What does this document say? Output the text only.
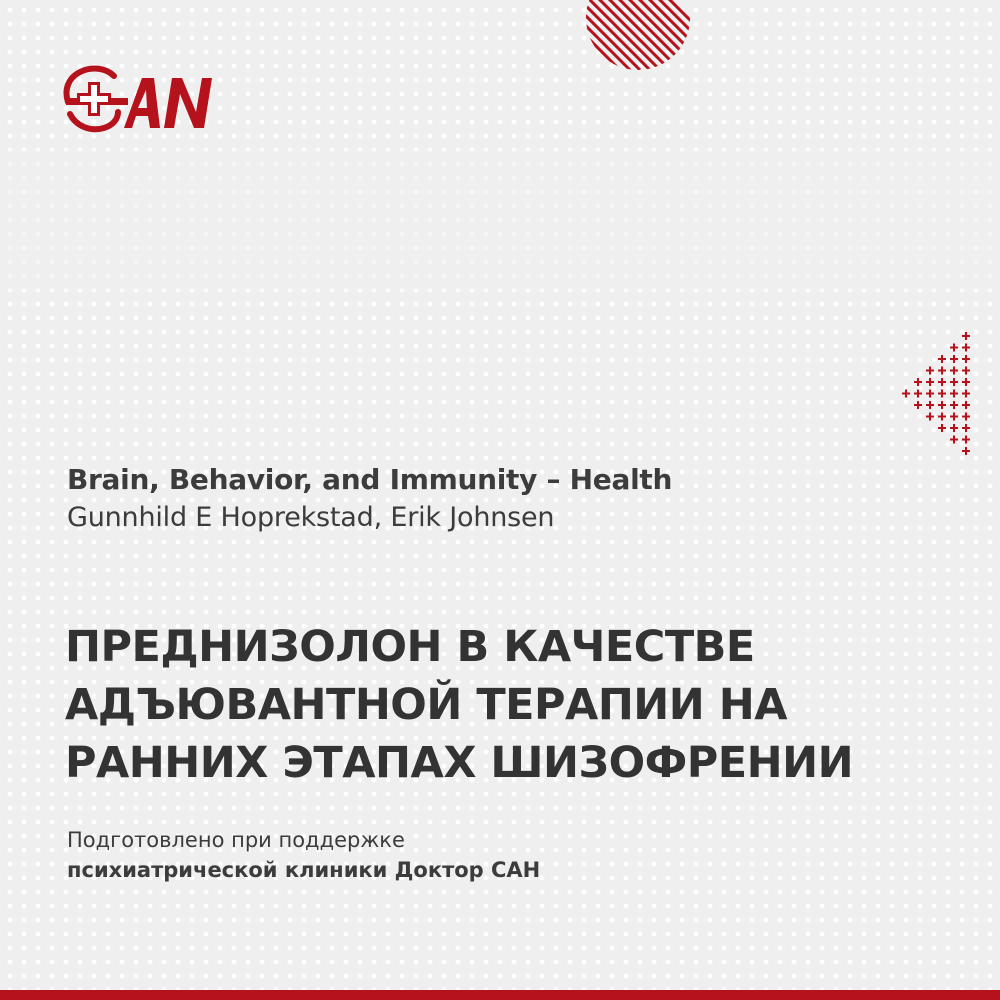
Brain, Behavior, and Immunity – Health
Gunnhild E Hoprekstad, Erik Johnsen
ПРЕДНИЗОЛОН В КАЧЕСТВЕ
АДЪЮВАНТНОЙ ТЕРАПИИ НА
РАННИХ ЭТАПАХ ШИЗОФРЕНИИ
Подготовлено при поддержке
психиатрической клиники Доктор САН
